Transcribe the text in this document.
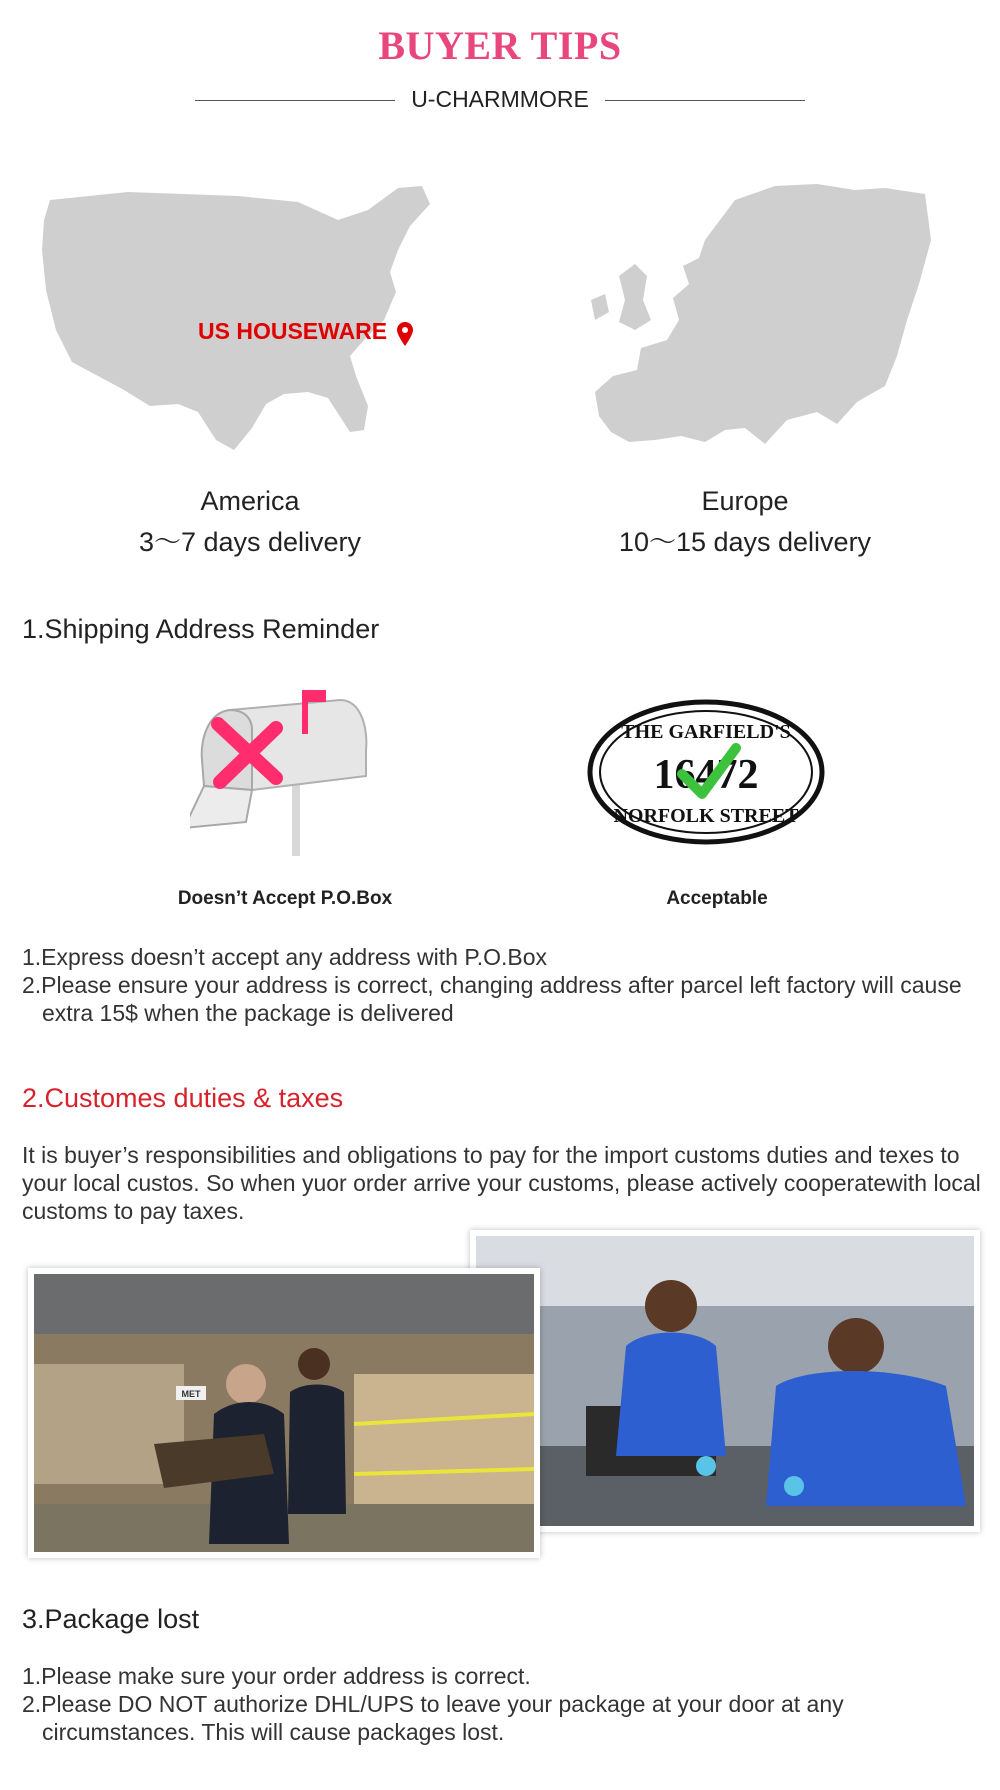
BUYER TIPS
U-CHARMMORE
US HOUSEWARE
America
3～7 days delivery
Europe
10～15 days delivery
1.Shipping Address Reminder
THE GARFIELD'S
16472
NORFOLK STREET
Doesn’t Accept P.O.Box	Acceptable
1.Express doesn’t accept any address with P.O.Box
2.Please ensure your address is correct, changing address after parcel left factory will cause extra 15$ when the package is delivered
2.Customes duties & taxes
It is buyer’s responsibilities and obligations to pay for the import customs duties and texes to your local custos. So when yuor order arrive your customs, please actively cooperatewith local customs to pay taxes.
MET
3.Package lost
1.Please make sure your order address is correct.
2.Please DO NOT authorize DHL/UPS to leave your package at your door at any circumstances. This will cause packages lost.
